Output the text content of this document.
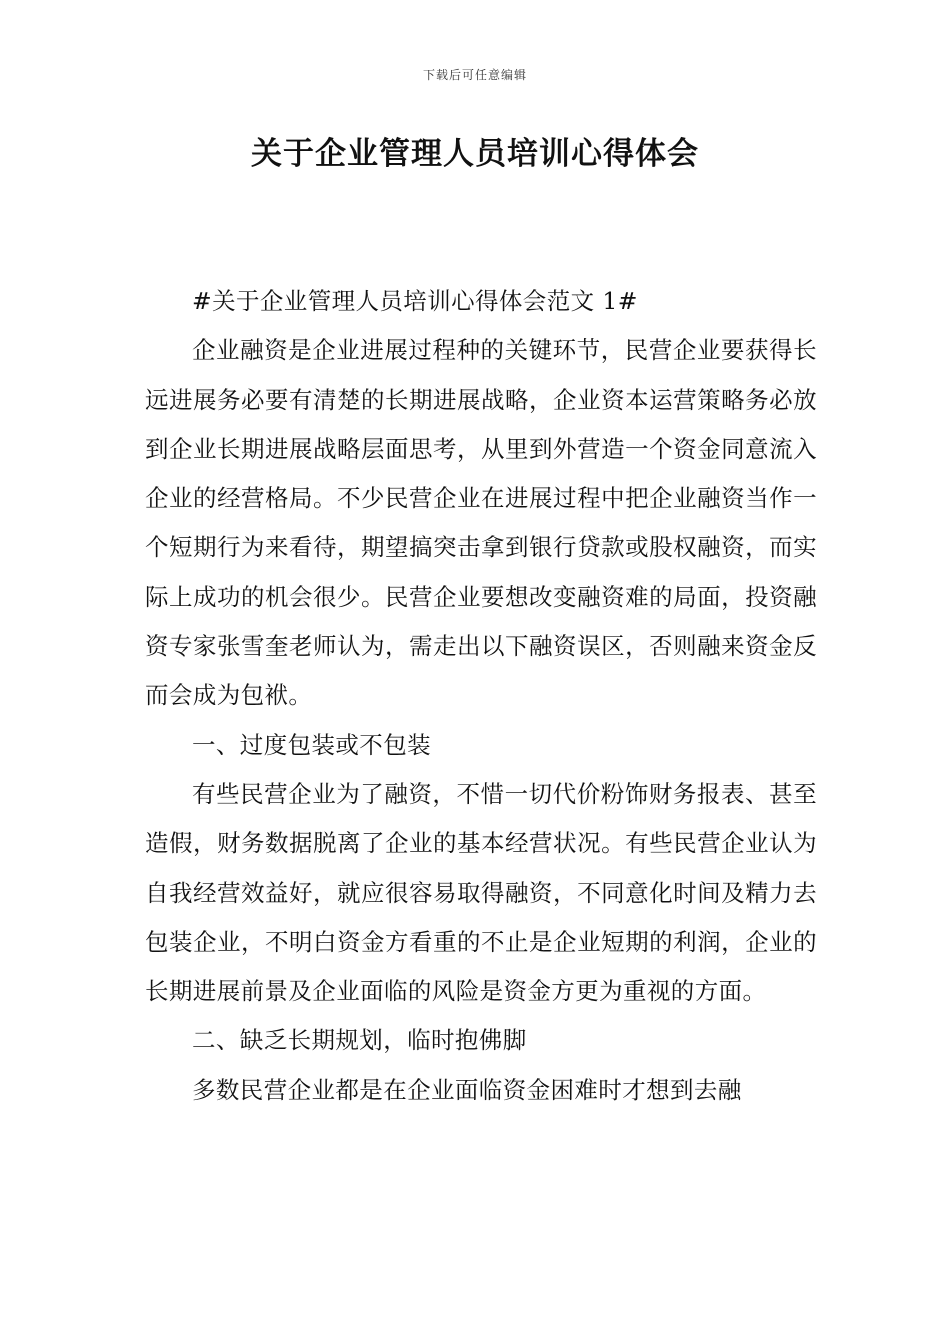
下载后可任意编辑
关于企业管理人员培训心得体会

#关于企业管理人员培训心得体会范文 1#

企业融资是企业进展过程种的关键环节，民营企业要获得长远进展务必要有清楚的长期进展战略，企业资本运营策略务必放到企业长期进展战略层面思考，从里到外营造一个资金同意流入企业的经营格局。不少民营企业在进展过程中把企业融资当作一个短期行为来看待，期望搞突击拿到银行贷款或股权融资，而实际上成功的机会很少。民营企业要想改变融资难的局面，投资融资专家张雪奎老师认为，需走出以下融资误区，否则融来资金反而会成为包袱。

一、过度包装或不包装

有些民营企业为了融资，不惜一切代价粉饰财务报表、甚至造假，财务数据脱离了企业的基本经营状况。有些民营企业认为自我经营效益好，就应很容易取得融资，不同意化时间及精力去包装企业，不明白资金方看重的不止是企业短期的利润，企业的长期进展前景及企业面临的风险是资金方更为重视的方面。

二、缺乏长期规划，临时抱佛脚

多数民营企业都是在企业面临资金困难时才想到去融
